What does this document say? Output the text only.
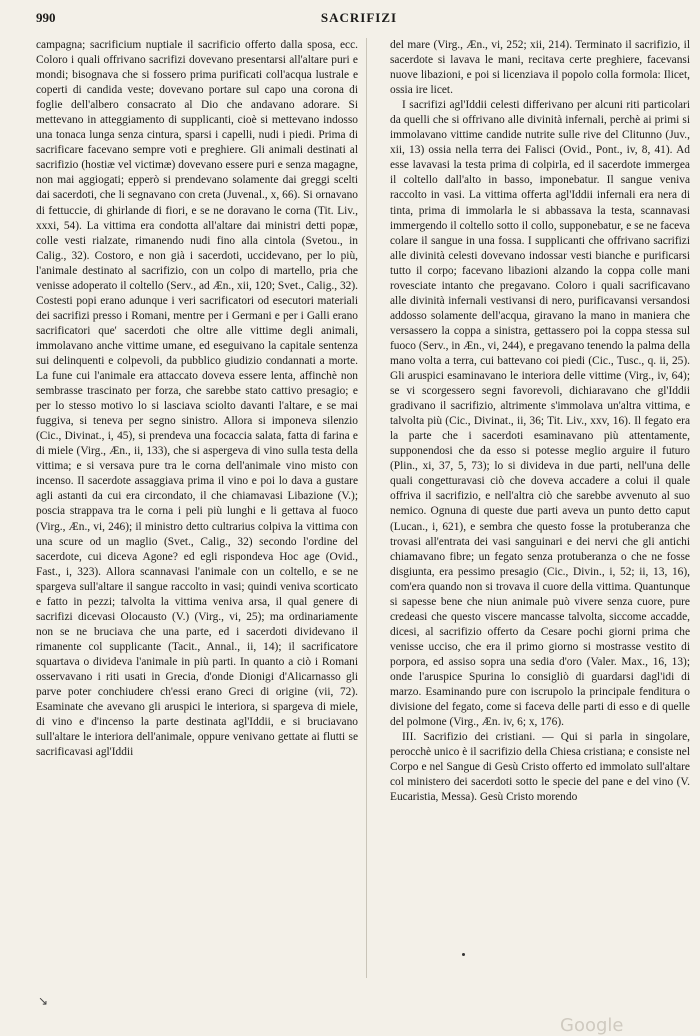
990	SACRIFIZI

campagna; sacrificium nuptiale il sacrificio offerto dalla sposa, ecc. Coloro i quali offrivano sacrifizi dovevano presentarsi all'altare puri e mondi; bisognava che si fossero prima purificati coll'acqua lustrale e coperti di candida veste; dovevano portare sul capo una corona di foglie dell'albero consacrato al Dio che andavano adorare. Si mettevano in atteggiamento di supplicanti, cioè si mettevano indosso una tonaca lunga senza cintura, sparsi i capelli, nudi i piedi. Prima di sacrificare facevano sempre voti e preghiere. Gli animali destinati al sacrifizio (hostiæ vel victimæ) dovevano essere puri e senza magagne, non mai aggiogati; epperò si prendevano solamente dai greggi scelti dai sacerdoti, che li segnavano con creta (Juvenal., x, 66). Si ornavano di fettuccie, di ghirlande di fiori, e se ne doravano le corna (Tit. Liv., xxxi, 54). La vittima era condotta all'altare dai ministri detti popæ, colle vesti rialzate, rimanendo nudi fino alla cintola (Svetou., in Calig., 32). Costoro, e non già i sacerdoti, uccidevano, per lo più, l'animale destinato al sacrifizio, con un colpo di martello, pria che venisse adoperato il coltello (Serv., ad Æn., xii, 120; Svet., Calig., 32). Costesti popi erano adunque i veri sacrificatori od esecutori materiali dei sacrifizi presso i Romani, mentre per i Germani e per i Galli erano sacrificatori que' sacerdoti che oltre alle vittime degli animali, immolavano anche vittime umane, ed eseguivano la capitale sentenza sui delinquenti e colpevoli, da pubblico giudizio condannati a morte. La fune cui l'animale era attaccato doveva essere lenta, affinchè non sembrasse trascinato per forza, che sarebbe stato cattivo presagio; e per lo stesso motivo lo si lasciava sciolto davanti l'altare, e se mai fuggiva, si teneva per segno sinistro. Allora si imponeva silenzio (Cic., Divinat., i, 45), si prendeva una focaccia salata, fatta di farina e di miele (Virg., Æn., ii, 133), che si aspergeva di vino sulla testa della vittima; e si versava pure tra le corna dell'animale vino misto con incenso. Il sacerdote assaggiava prima il vino e poi lo dava a gustare agli astanti da cui era circondato, il che chiamavasi Libazione (V.); poscia strappava tra le corna i peli più lunghi e li gettava al fuoco (Virg., Æn., vi, 246); il ministro detto cultrarius colpiva la vittima con una scure od un maglio (Svet., Calig., 32) secondo l'ordine del sacerdote, cui diceva Agone? ed egli rispondeva Hoc age (Ovid., Fast., i, 323). Allora scannavasi l'animale con un coltello, e se ne spargeva sull'altare il sangue raccolto in vasi; quindi veniva scorticato e fatto in pezzi; talvolta la vittima veniva arsa, il qual genere di sacrifizi dicevasi Olocausto (V.) (Virg., vi, 25); ma ordinariamente non se ne bruciava che una parte, ed i sacerdoti dividevano il rimanente col supplicante (Tacit., Annal., ii, 14); il sacrificatore squartava o divideva l'animale in più parti. In quanto a ciò i Romani osservavano i riti usati in Grecia, d'onde Dionigi d'Alicarnasso gli parve poter conchiudere ch'essi erano Greci di origine (vii, 72). Esaminate che avevano gli aruspici le interiora, si spargeva di miele, di vino e d'incenso la parte destinata agl'Iddii, e si bruciavano sull'altare le interiora dell'animale, oppure venivano gettate ai flutti se sacrificavasi agl'Iddii

del mare (Virg., Æn., vi, 252; xii, 214). Terminato il sacrifizio, il sacerdote si lavava le mani, recitava certe preghiere, facevansi nuove libazioni, e poi si licenziava il popolo colla formola: Ilicet, ossia ire licet.

I sacrifizi agl'Iddii celesti differivano per alcuni riti particolari da quelli che si offrivano alle divinità infernali, perchè ai primi si immolavano vittime candide nutrite sulle rive del Clitunno (Juv., xii, 13) ossia nella terra dei Falisci (Ovid., Pont., iv, 8, 41). Ad esse lavavasi la testa prima di colpirla, ed il sacerdote immergea il coltello dall'alto in basso, imponebatur. Il sangue veniva raccolto in vasi. La vittima offerta agl'Iddii infernali era nera di tinta, prima di immolarla le si abbassava la testa, scannavasi immergendo il coltello sotto il collo, supponebatur, e se ne faceva colare il sangue in una fossa. I supplicanti che offrivano sacrifizi alle divinità celesti dovevano indossar vesti bianche e purificarsi tutto il corpo; facevano libazioni alzando la coppa colle mani rovesciate intanto che pregavano. Coloro i quali sacrificavano alle divinità infernali vestivansi di nero, purificavansi versandosi addosso solamente dell'acqua, giravano la mano in maniera che versassero la coppa a sinistra, gettassero poi la coppa stessa sul fuoco (Serv., in Æn., vi, 244), e pregavano tenendo la palma della mano volta a terra, cui battevano coi piedi (Cic., Tusc., q. ii, 25). Gli aruspici esaminavano le interiora delle vittime (Virg., iv, 64); se vi scorgessero segni favorevoli, dichiaravano che gl'Iddii gradivano il sacrifizio, altrimente s'immolava un'altra vittima, e talvolta più (Cic., Divinat., ii, 36; Tit. Liv., xxv, 16). Il fegato era la parte che i sacerdoti esaminavano più attentamente, supponendosi che da esso si potesse meglio arguire il futuro (Plin., xi, 37, 5, 73); lo si divideva in due parti, nell'una delle quali congetturavasi ciò che doveva accadere a colui il quale offriva il sacrifizio, e nell'altra ciò che sarebbe avvenuto al suo nemico. Ognuna di queste due parti aveva un punto detto caput (Lucan., i, 621), e sembra che questo fosse la protuberanza che trovasi all'entrata dei vasi sanguinari e dei nervi che gli antichi chiamavano fibre; un fegato senza protuberanza o che ne fosse disgiunta, era pessimo presagio (Cic., Divin., i, 52; ii, 13, 16), com'era quando non si trovava il cuore della vittima. Quantunque si sapesse bene che niun animale può vivere senza cuore, pure credeasi che questo viscere mancasse talvolta, siccome accadde, dicesi, al sacrifizio offerto da Cesare pochi giorni prima che venisse ucciso, che era il primo giorno si mostrasse vestito di porpora, ed assiso sopra una sedia d'oro (Valer. Max., 16, 13); onde l'aruspice Spurina lo consigliò di guardarsi dagl'idi di marzo. Esaminando pure con iscrupolo la principale fenditura o divisione del fegato, come si faceva delle parti di esso e di quelle del polmone (Virg., Æn. iv, 6; x, 176).

III. Sacrifizio dei cristiani. — Qui si parla in singolare, perocchè unico è il sacrifizio della Chiesa cristiana; e consiste nel Corpo e nel Sangue di Gesù Cristo offerto ed immolato sull'altare col ministero dei sacerdoti sotto le specie del pane e del vino (V. Eucaristia, Messa). Gesù Cristo morendo

↘
Google
